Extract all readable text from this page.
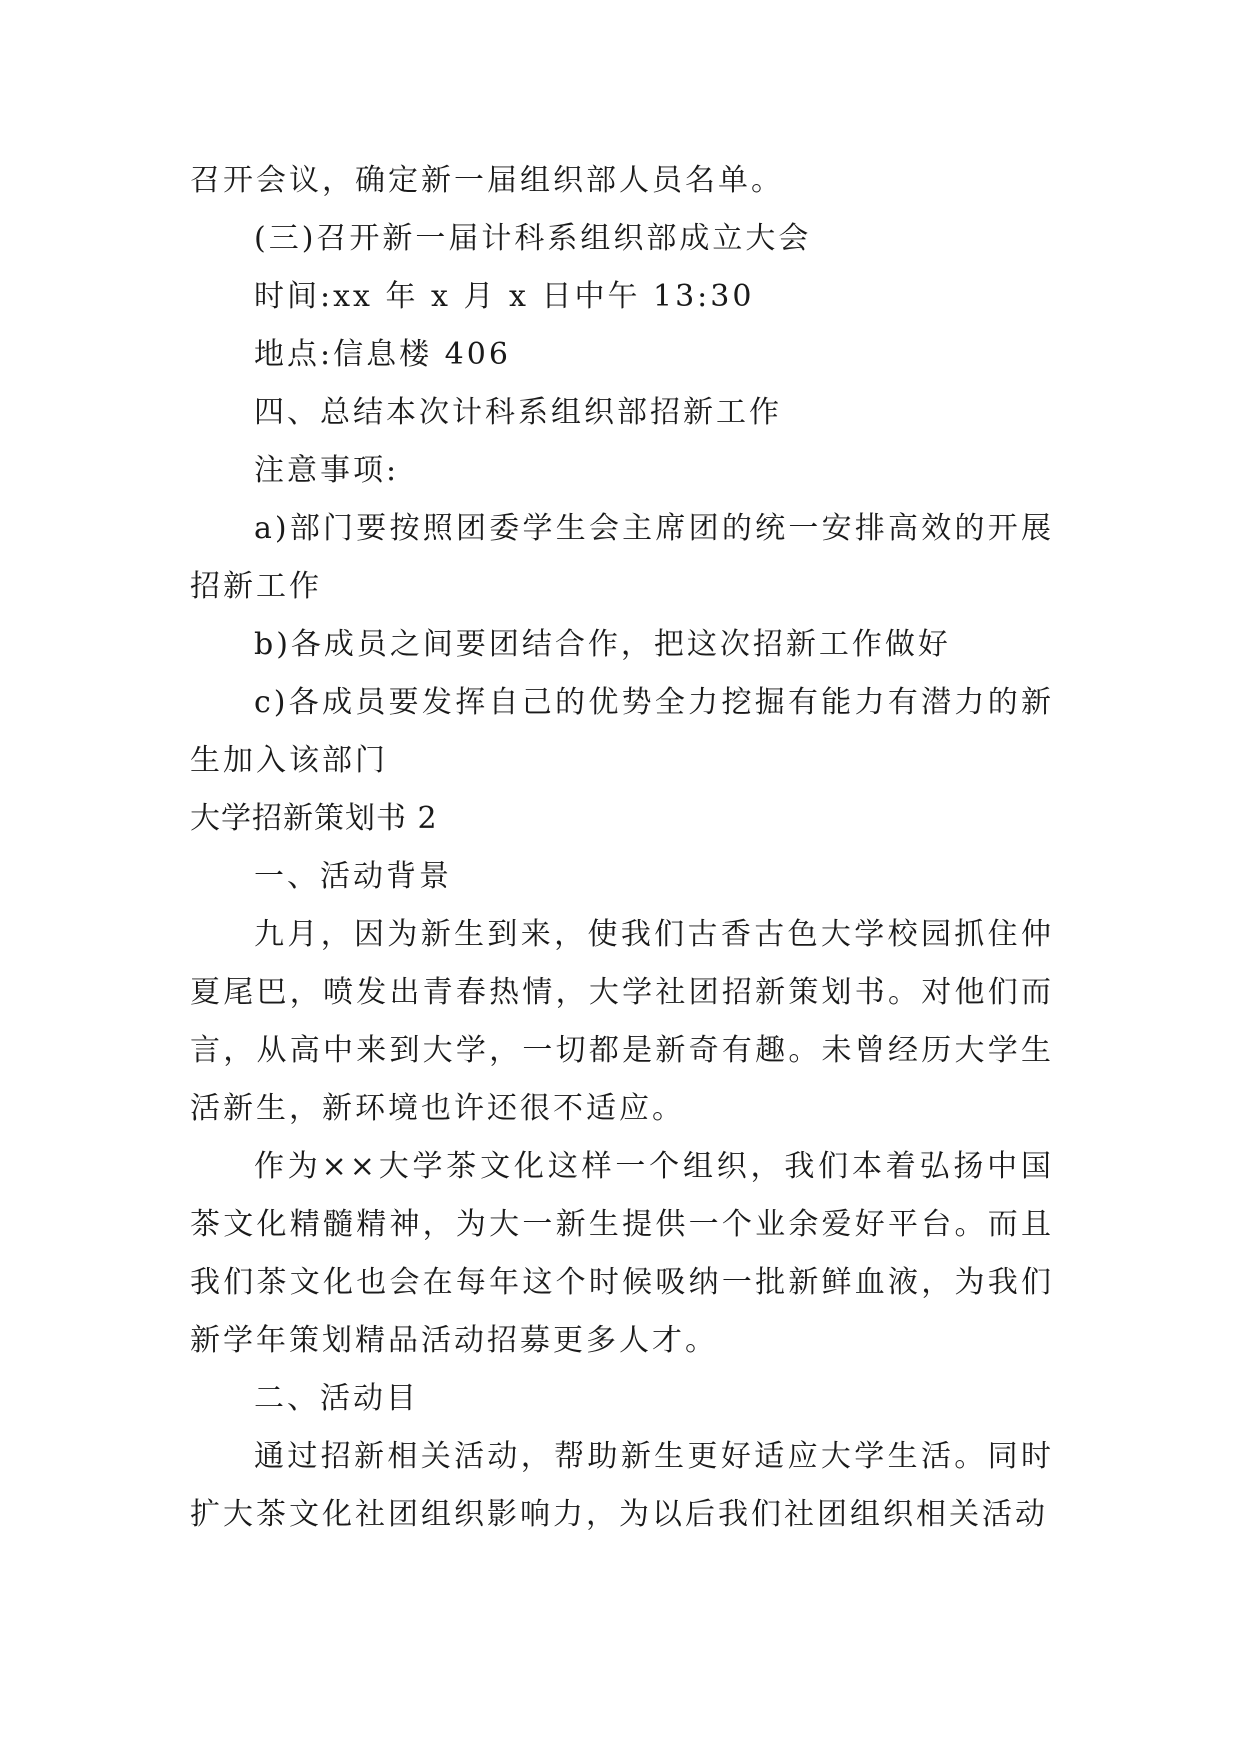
召开会议，确定新一届组织部人员名单。

(三)召开新一届计科系组织部成立大会

时间:xx 年 x 月 x 日中午 13:30

地点:信息楼 406

四、总结本次计科系组织部招新工作

注意事项:

a)部门要按照团委学生会主席团的统一安排高效的开展招新工作

b)各成员之间要团结合作，把这次招新工作做好

c)各成员要发挥自己的优势全力挖掘有能力有潜力的新生加入该部门

大学招新策划书 2

一、活动背景

九月，因为新生到来，使我们古香古色大学校园抓住仲夏尾巴，喷发出青春热情，大学社团招新策划书。对他们而言，从高中来到大学，一切都是新奇有趣。未曾经历大学生活新生，新环境也许还很不适应。

作为××大学茶文化这样一个组织，我们本着弘扬中国茶文化精髓精神，为大一新生提供一个业余爱好平台。而且我们茶文化也会在每年这个时候吸纳一批新鲜血液，为我们新学年策划精品活动招募更多人才。

二、活动目

通过招新相关活动，帮助新生更好适应大学生活。同时扩大茶文化社团组织影响力，为以后我们社团组织相关活动
